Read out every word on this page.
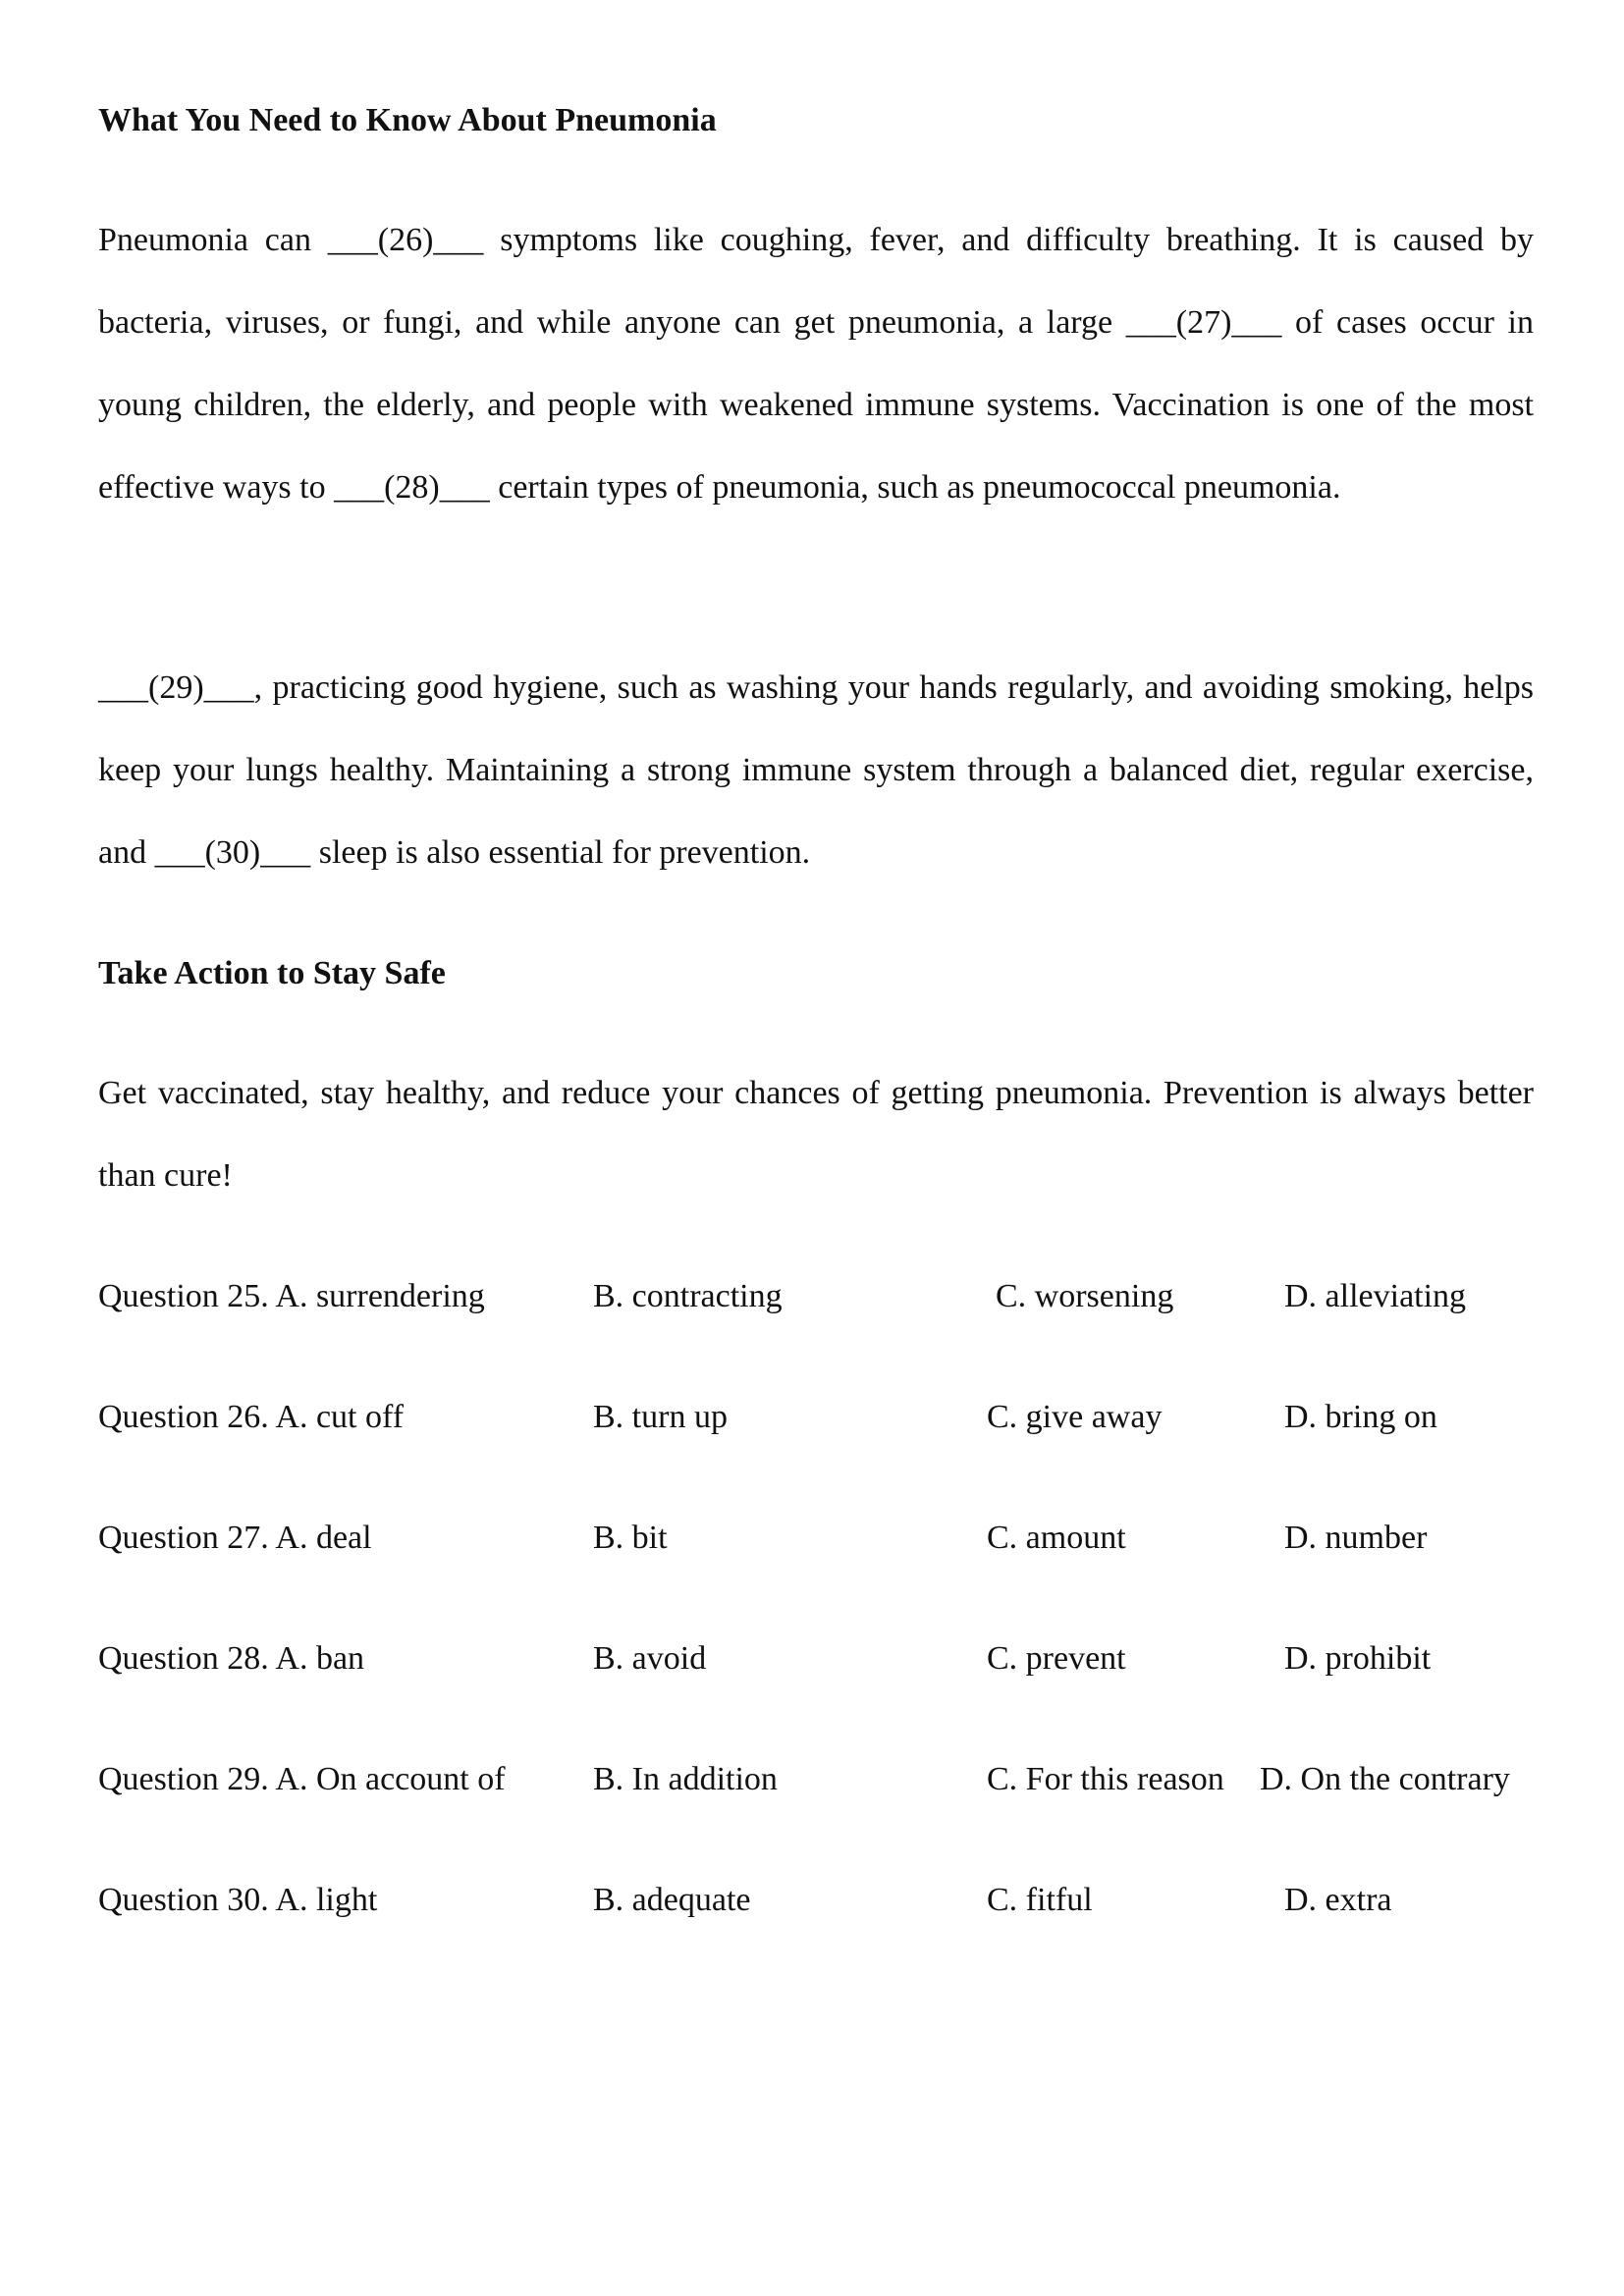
What You Need to Know About Pneumonia
Pneumonia can ___(26)___ symptoms like coughing, fever, and difficulty breathing. It is caused by bacteria, viruses, or fungi, and while anyone can get pneumonia, a large ___(27)___ of cases occur in young children, the elderly, and people with weakened immune systems. Vaccination is one of the most effective ways to ___(28)___ certain types of pneumonia, such as pneumococcal pneumonia.
___(29)___, practicing good hygiene, such as washing your hands regularly, and avoiding smoking, helps keep your lungs healthy. Maintaining a strong immune system through a balanced diet, regular exercise, and ___(30)___ sleep is also essential for prevention.
Take Action to Stay Safe
Get vaccinated, stay healthy, and reduce your chances of getting pneumonia. Prevention is always better than cure!
Question 25. A. surrendering	B. contracting	C. worsening	D. alleviating
Question 26. A. cut off	B. turn up	C. give away	D. bring on
Question 27. A. deal	B. bit	C. amount	D. number
Question 28. A. ban	B. avoid	C. prevent	D. prohibit
Question 29. A. On account of	B. In addition	C. For this reason D. On the contrary
Question 30. A. light	B. adequate	C. fitful	D. extra
